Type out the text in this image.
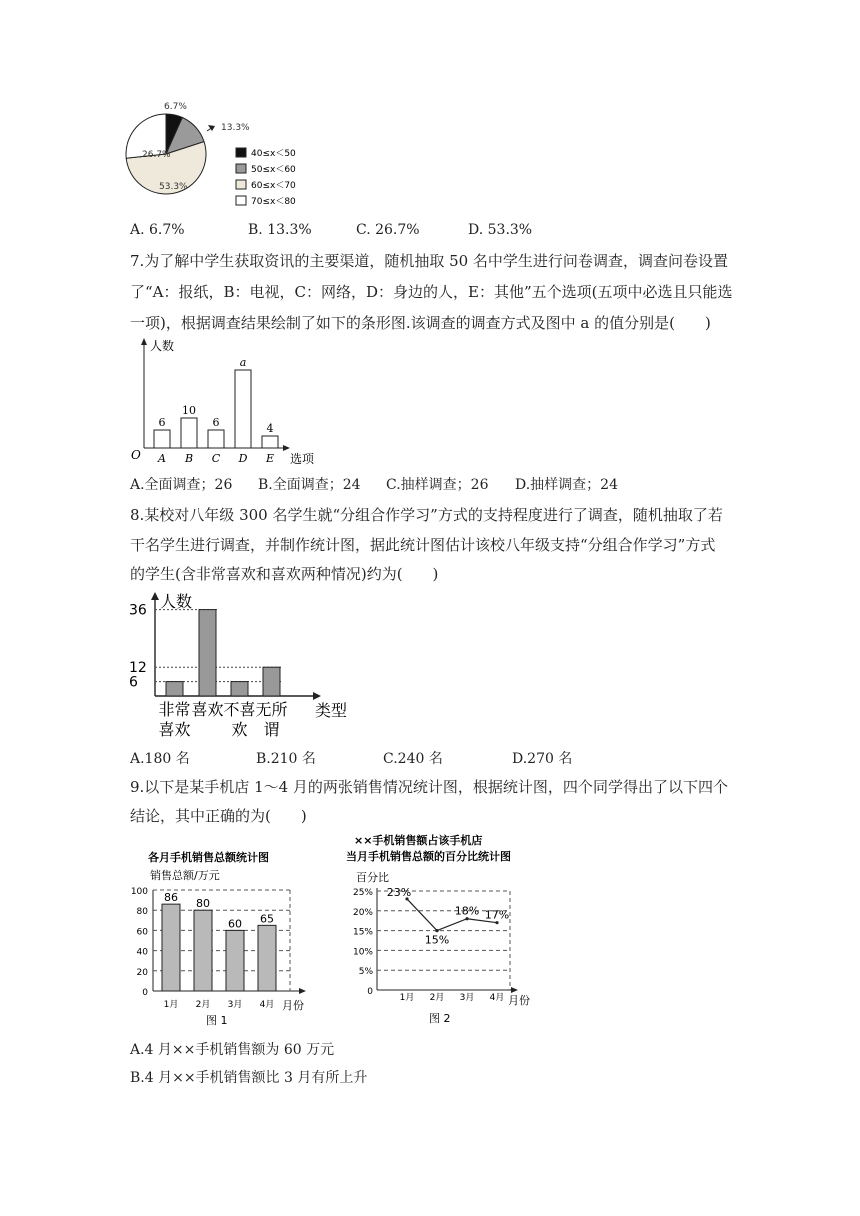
6.7%
13.3%
26.7%
53.3%
40≤x＜50
50≤x＜60
60≤x＜70
70≤x＜80
A. 6.7%	B. 13.3%	C. 26.7%	D. 53.3%
7.为了解中学生获取资讯的主要渠道，随机抽取 50 名中学生进行问卷调查，调查问卷设置
了“A：报纸，B：电视，C：网络，D：身边的人，E：其他”五个选项(五项中必选且只能选
一项)，根据调查结果绘制了如下的条形图.该调查的调查方式及图中 a 的值分别是(　　)
人数
选项
O
6
A
10
B
6
C
a
D
4
E
A.全面调查；26 B.全面调查；24 C.抽样调查；26 D.抽样调查；24
8.某校对八年级 300 名学生就“分组合作学习”方式的支持程度进行了调查，随机抽取了若
干名学生进行调查，并制作统计图，据此统计图估计该校八年级支持“分组合作学习”方式
的学生(含非常喜欢和喜欢两种情况)约为(　　)
人数
类型
36
12
6
非常
喜欢
喜欢 不喜
欢
无所
谓
A.180 名	B.210 名	C.240 名	D.270 名
9.以下是某手机店 1～4 月的两张销售情况统计图，根据统计图，四个同学得出了以下四个
结论，其中正确的为(　　)
各月手机销售总额统计图
销售总额/万元
月份
图 1
0
20
40
60
80
100 86
1月
80
2月
60
3月
65
4月
××手机销售额占该手机店
当月手机销售总额的百分比统计图
百分比
月份
图 2
0
5%
10%
15%
20%
25% 23%
1月
15%
2月
18%
3月
17%
4月
A.4 月××手机销售额为 60 万元
B.4 月××手机销售额比 3 月有所上升
